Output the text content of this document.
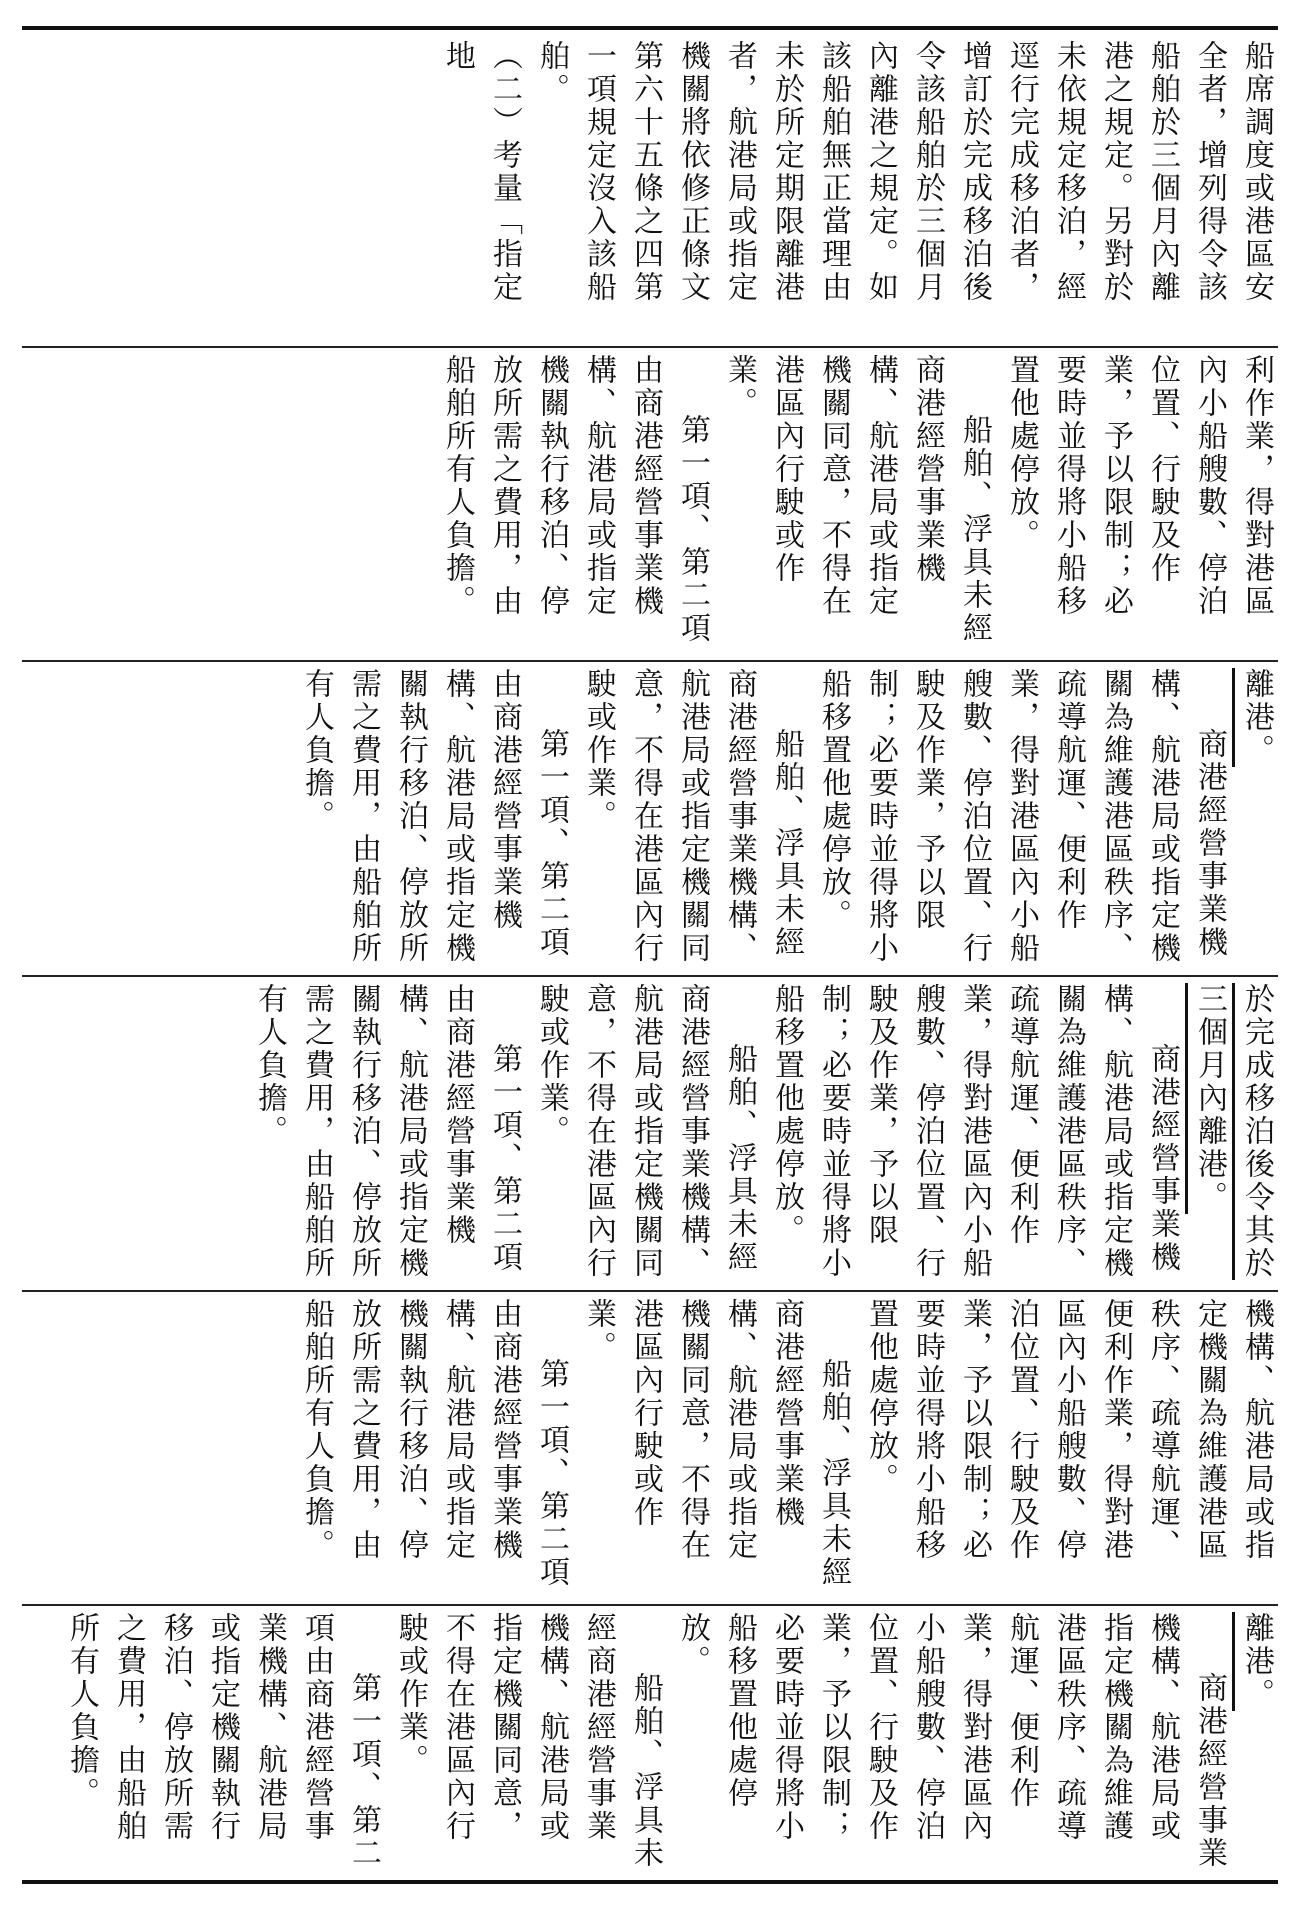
船席調度或港區安全者，增列得令該船舶於三個月內離港之規定。另對於未依規定移泊，經逕行完成移泊者，增訂於完成移泊後令該船舶於三個月內離港之規定。如該船舶無正當理由未於所定期限離港者，航港局或指定機關將依修正條文第六十五條之四第一項規定沒入該船舶。

（二）考量「指定地

利作業，得對港區內小船艘數、停泊位置、行駛及作業，予以限制；必要時並得將小船移置他處停放。

船舶、浮具未經商港經營事業機構、航港局或指定機關同意，不得在港區內行駛或作業。

第一項、第二項由商港經營事業機構、航港局或指定機關執行移泊、停放所需之費用，由船舶所有人負擔。

離港。

商港經營事業機構、航港局或指定機關為維護港區秩序、疏導航運、便利作業，得對港區內小船艘數、停泊位置、行駛及作業，予以限制；必要時並得將小船移置他處停放。

船舶、浮具未經商港經營事業機構、航港局或指定機關同意，不得在港區內行駛或作業。

第一項、第二項由商港經營事業機構、航港局或指定機關執行移泊、停放所需之費用，由船舶所有人負擔。

於完成移泊後令其於三個月內離港。

商港經營事業機構、航港局或指定機關為維護港區秩序、疏導航運、便利作業，得對港區內小船艘數、停泊位置、行駛及作業，予以限制；必要時並得將小船移置他處停放。

船舶、浮具未經商港經營事業機構、航港局或指定機關同意，不得在港區內行駛或作業。

第一項、第二項由商港經營事業機構、航港局或指定機關執行移泊、停放所需之費用，由船舶所有人負擔。

機構、航港局或指定機關為維護港區秩序、疏導航運、便利作業，得對港區內小船艘數、停泊位置、行駛及作業，予以限制；必要時並得將小船移置他處停放。

船舶、浮具未經商港經營事業機構、航港局或指定機關同意，不得在港區內行駛或作業。

第一項、第二項由商港經營事業機構、航港局或指定機關執行移泊、停放所需之費用，由船舶所有人負擔。

離港。

商港經營事業機構、航港局或指定機關為維護港區秩序、疏導航運、便利作業，得對港區內小船艘數、停泊位置、行駛及作業，予以限制；必要時並得將小船移置他處停放。

船舶、浮具未經商港經營事業機構、航港局或指定機關同意，不得在港區內行駛或作業。

第一項、第二項由商港經營事業機構、航港局或指定機關執行移泊、停放所需之費用，由船舶所有人負擔。
